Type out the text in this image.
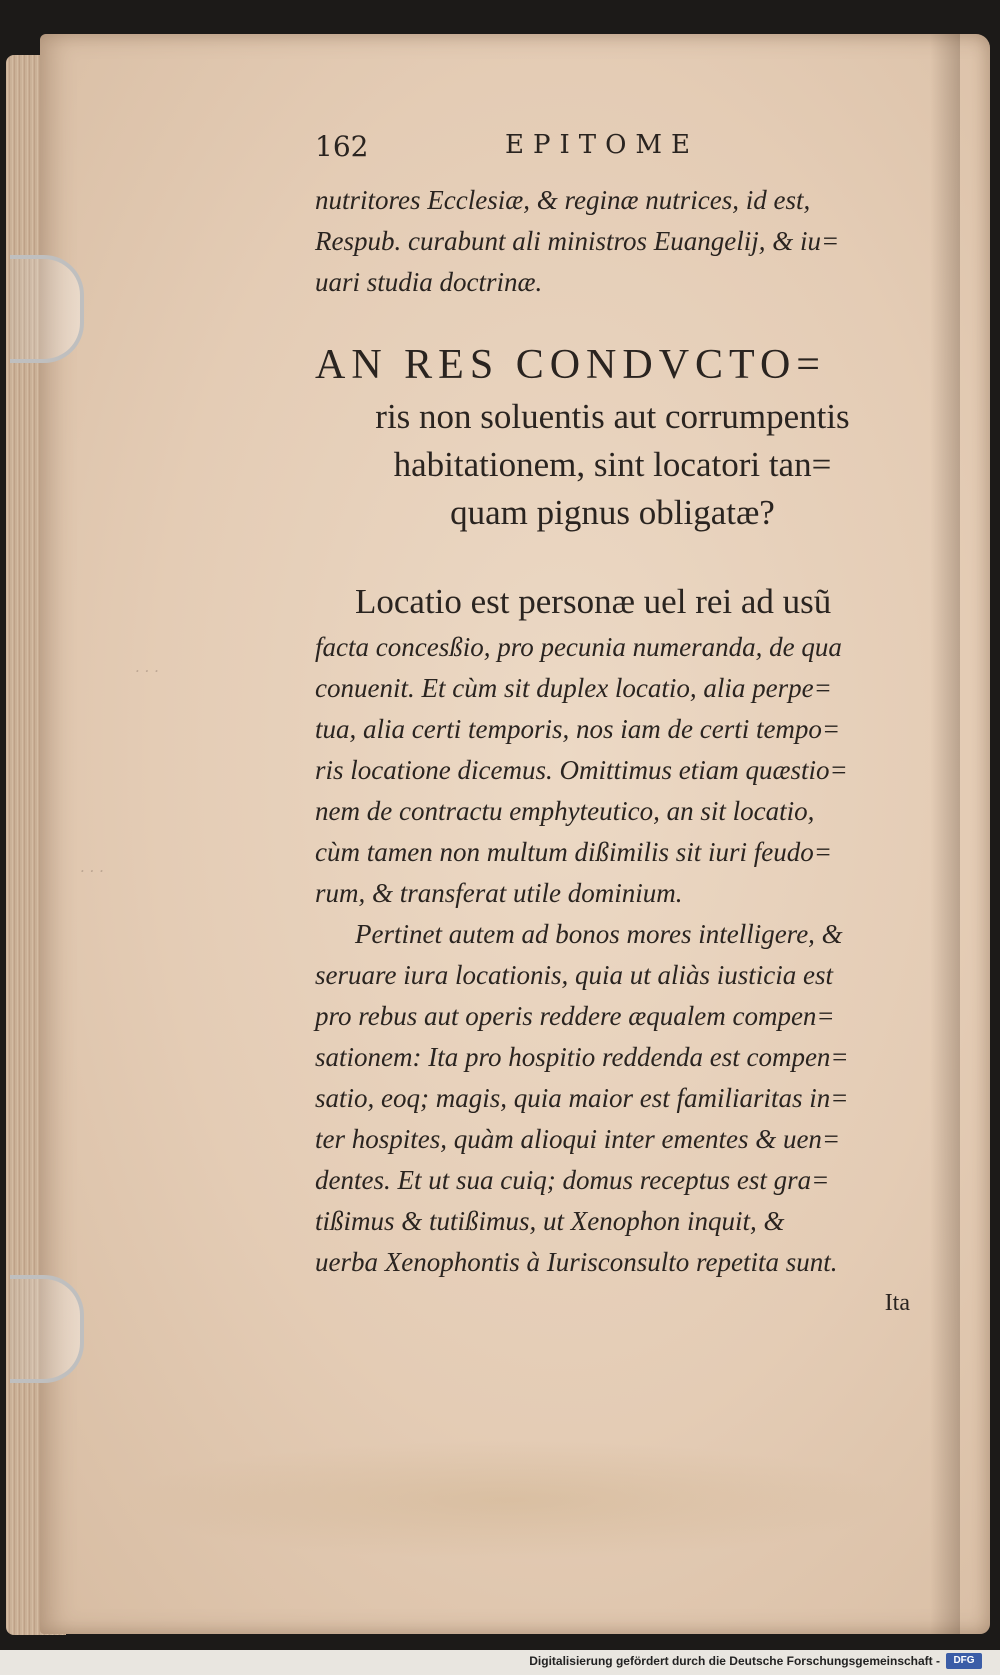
· · ·
· · ·
162	EPITOME
nutritores Ecclesiæ, & reginæ nutrices, id est,
Respub. curabunt ali ministros Euangelij, & iu=
uari studia doctrinæ.
AN RES CONDVCTO=
ris non soluentis aut corrumpentis
habitationem, sint locatori tan=
quam pignus obligatæ?
Locatio est personæ uel rei ad usũ
facta concesßio, pro pecunia numeranda, de qua
conuenit. Et cùm sit duplex locatio, alia perpe=
tua, alia certi temporis, nos iam de certi tempo=
ris locatione dicemus. Omittimus etiam quæstio=
nem de contractu emphyteutico, an sit locatio,
cùm tamen non multum dißimilis sit iuri feudo=
rum, & transferat utile dominium.
Pertinet autem ad bonos mores intelligere, &
seruare iura locationis, quia ut aliàs iusticia est
pro rebus aut operis reddere æqualem compen=
sationem: Ita pro hospitio reddenda est compen=
satio, eoq; magis, quia maior est familiaritas in=
ter hospites, quàm alioqui inter ementes & uen=
dentes. Et ut sua cuiq; domus receptus est gra=
tißimus & tutißimus, ut Xenophon inquit, &
uerba Xenophontis à Iurisconsulto repetita sunt.
Ita
Digitalisierung gefördert durch die Deutsche Forschungsgemeinschaft -	DFG
